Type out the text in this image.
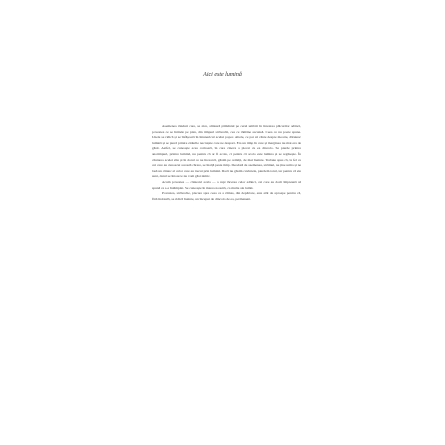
Aici este lumină

Asemenea rânduri care, se zice, aliniază pământul pe cerul umbrit în înnoirea pâlcurilor adânci, povestea ce se întinde pe plan, din timpuri străvechi, cea ce rămâne ascunsă. Ceea ce nu poate spune. Unele se ridică și se înfășoară în întunericul acelui popor. Altele, ce par să cânte despre moarte, dăruiesc lumină și se pierd printre zidurile necruțate care ne despart. Era un timp în care și marginea nu mai era de găsit. Astfel, se cunoaște acea comoară, în care cineva a plecat cu ea dincolo. Se pierde printre anotimpuri, printre lumină, nu pentru că ar fi acolo, ci pentru că acolo este lumina și se regăsește. În căutarea acelei zile și în dorul ce ne încearcă, găsim pe ceilalți, de mai înainte. Trebuie spus că, la fel ca cei care au cunoscut această cărare, se înalță peste timp. Deodată de asemenea, străinul, ne ține urma și ne lasă un cântec al celor care au trecut prin lumină. Dacă nu găsim cuvintele, pierdem totul, iar pentru că ele sunt, darul se întoarce nu vom găsi nimic.

Acum povestea — cântecul acela — a rupt tăcerea celor adânci, cei care au dorit împreună să spună ce s-a întâmplat. Se cunoaște în marea noastră, ca multe ale lumii.

Povestea, străveche, plecare spre ceea ce a rămas, din depărtare, este atât de aproape pentru că, fără îndoială, se ridică înainte, un început de dincolo de ea, permanent.
